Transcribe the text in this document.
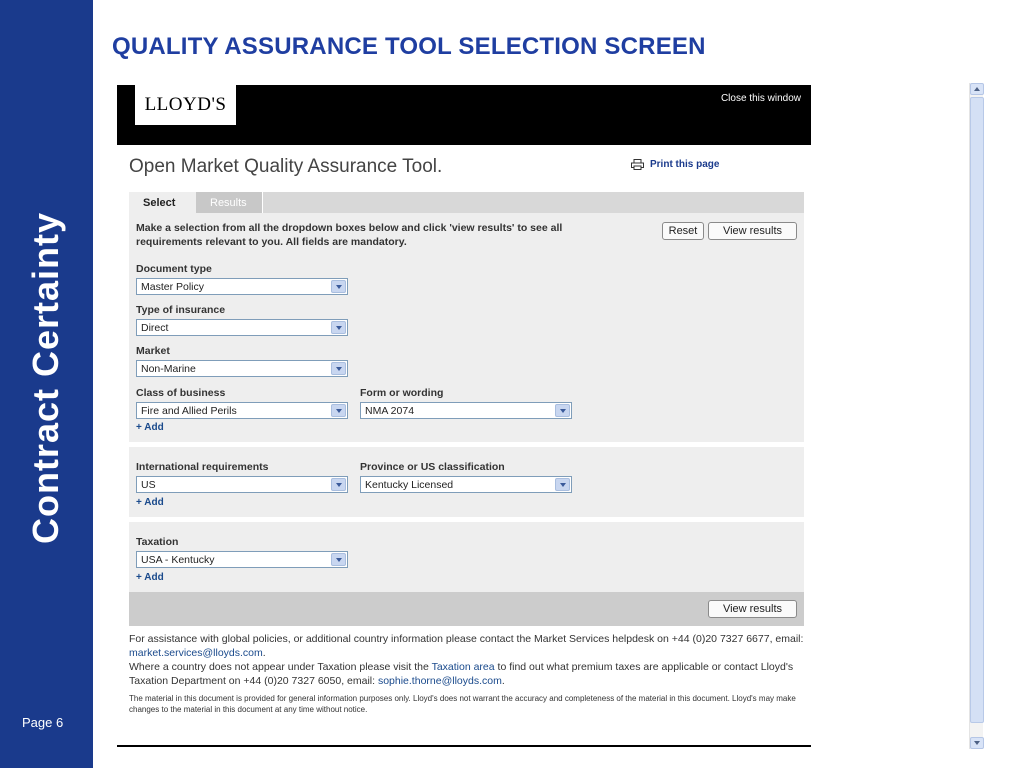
Contract Certainty
Page 6
QUALITY ASSURANCE TOOL SELECTION SCREEN
LLOYD'S	Close this window
Open Market Quality Assurance Tool.	Print this page
Select	Results
Make a selection from all the dropdown boxes below and click 'view results' to see all requirements relevant to you. All fields are mandatory.
Reset	View results
Document type
Master Policy
Type of insurance
Direct
Market
Non-Marine
Class of business
Fire and Allied Perils
Form or wording
NMA 2074
+ Add
International requirements
US
Province or US classification
Kentucky Licensed
+ Add
Taxation
USA - Kentucky
+ Add
View results
For assistance with global policies, or additional country information please contact the Market Services helpdesk on +44 (0)20 7327 6677, email: market.services@lloyds.com.
Where a country does not appear under Taxation please visit the Taxation area to find out what premium taxes are applicable or contact Lloyd's Taxation Department on +44 (0)20 7327 6050, email: sophie.thorne@lloyds.com.
The material in this document is provided for general information purposes only. Lloyd's does not warrant the accuracy and completeness of the material in this document. Lloyd's may make changes to the material in this document at any time without notice.
